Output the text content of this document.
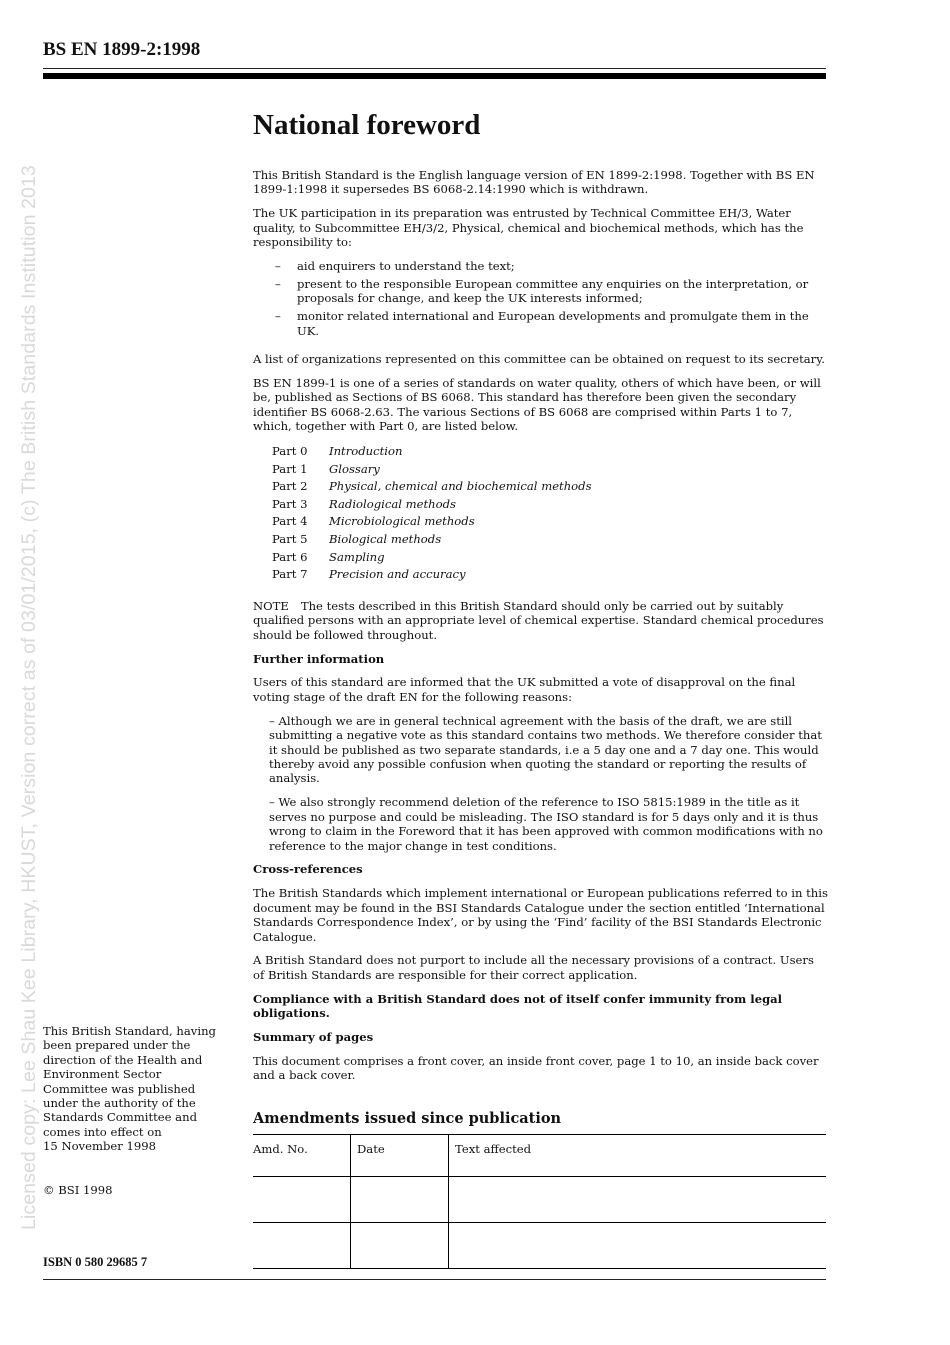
BS EN 1899-2:1998
Licensed copy: Lee Shau Kee Library, HKUST, Version correct as of 03/01/2015, (c) The British Standards Institution 2013
National foreword

This British Standard is the English language version of EN 1899-2:1998. Together with BS EN 1899-1:1998 it supersedes BS 6068-2.14:1990 which is withdrawn.

The UK participation in its preparation was entrusted by Technical Committee EH/3, Water quality, to Subcommittee EH/3/2, Physical, chemical and biochemical methods, which has the responsibility to:

– aid enquirers to understand the text;
– present to the responsible European committee any enquiries on the interpretation, or proposals for change, and keep the UK interests informed;
– monitor related international and European developments and promulgate them in the UK.

A list of organizations represented on this committee can be obtained on request to its secretary.

BS EN 1899-1 is one of a series of standards on water quality, others of which have been, or will be, published as Sections of BS 6068. This standard has therefore been given the secondary identifier BS 6068-2.63. The various Sections of BS 6068 are comprised within Parts 1 to 7, which, together with Part 0, are listed below.

Part 0	Introduction
Part 1	Glossary
Part 2	Physical, chemical and biochemical methods
Part 3	Radiological methods
Part 4	Microbiological methods
Part 5	Biological methods
Part 6	Sampling
Part 7	Precision and accuracy

NOTE The tests described in this British Standard should only be carried out by suitably qualified persons with an appropriate level of chemical expertise. Standard chemical procedures should be followed throughout.

Further information

Users of this standard are informed that the UK submitted a vote of disapproval on the final voting stage of the draft EN for the following reasons:

– Although we are in general technical agreement with the basis of the draft, we are still submitting a negative vote as this standard contains two methods. We therefore consider that it should be published as two separate standards, i.e a 5 day one and a 7 day one. This would thereby avoid any possible confusion when quoting the standard or reporting the results of analysis.

– We also strongly recommend deletion of the reference to ISO 5815:1989 in the title as it serves no purpose and could be misleading. The ISO standard is for 5 days only and it is thus wrong to claim in the Foreword that it has been approved with common modifications with no reference to the major change in test conditions.

Cross-references

The British Standards which implement international or European publications referred to in this document may be found in the BSI Standards Catalogue under the section entitled ‘International Standards Correspondence Index’, or by using the ‘Find’ facility of the BSI Standards Electronic Catalogue.

A British Standard does not purport to include all the necessary provisions of a contract. Users of British Standards are responsible for their correct application.

Compliance with a British Standard does not of itself confer immunity from legal obligations.

Summary of pages

This document comprises a front cover, an inside front cover, page 1 to 10, an inside back cover and a back cover.

Amendments issued since publication
Amd. No.	Date	Text affected

This British Standard, having been prepared under the direction of the Health and Environment Sector Committee was published under the authority of the Standards Committee and comes into effect on

15 November 1998

© BSI 1998
ISBN 0 580 29685 7
